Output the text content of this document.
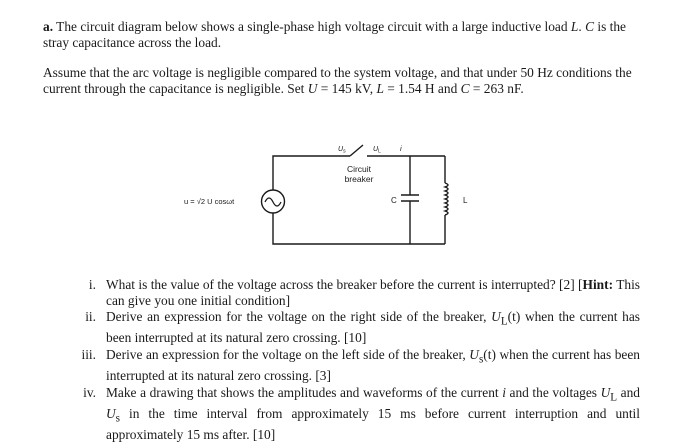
a. The circuit diagram below shows a single-phase high voltage circuit with a large inductive load L. C is the stray capacitance across the load.

Assume that the arc voltage is negligible compared to the system voltage, and that under 50 Hz conditions the current through the capacitance is negligible. Set U = 145 kV, L = 1.54 H and C = 263 nF.

u = √2 U cosωt
$U_s$	$U_L$	i
Circuit
breaker
C	L
i. What is the value of the voltage across the breaker before the current is interrupted? [2] [Hint: This can give you one initial condition]
ii. Derive an expression for the voltage on the right side of the breaker, $U_L(t)$ when the current has been interrupted at its natural zero crossing. [10]
iii. Derive an expression for the voltage on the left side of the breaker, $U_s(t)$ when the current has been interrupted at its natural zero crossing. [3]
iv. Make a drawing that shows the amplitudes and waveforms of the current i and the voltages $U_L$ and $U_s$ in the time interval from approximately 15 ms before current interruption and until approximately 15 ms after. [10]
